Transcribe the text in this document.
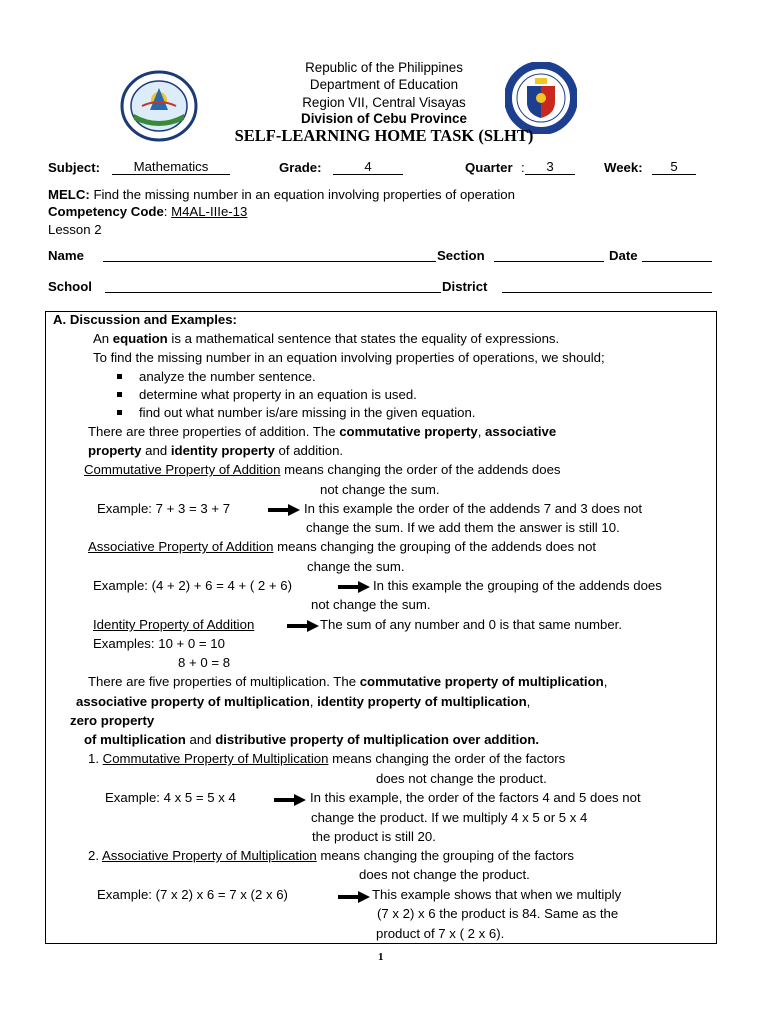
Republic of the Philippines
Department of Education
Region VII, Central Visayas
Division of Cebu Province
SELF-LEARNING HOME TASK (SLHT)
Subject:	Mathematics	Grade:	4	Quarter :	3	Week:	5
MELC: Find the missing number in an equation involving properties of operation
Competency Code: M4AL-IIIe-13
Lesson 2
Name	Section	Date
School	District
A. Discussion and Examples:
An equation is a mathematical sentence that states the equality of expressions.
To find the missing number in an equation involving properties of operations, we should;
analyze the number sentence.
determine what property in an equation is used.
find out what number is/are missing in the given equation.
There are three properties of addition. The commutative property, associative
property and identity property of addition.
Commutative Property of Addition means changing the order of the addends does
not change the sum.
Example: 7 + 3 = 3 + 7	In this example the order of the addends 7 and 3 does not
change the sum. If we add them the answer is still 10.
Associative Property of Addition means changing the grouping of the addends does not
change the sum.
Example: (4 + 2) + 6 = 4 + ( 2 + 6)	In this example the grouping of the addends does
not change the sum.
Identity Property of Addition	The sum of any number and 0 is that same number.
Examples: 10 + 0 = 10
8 + 0 = 8
There are five properties of multiplication. The commutative property of multiplication,
associative property of multiplication, identity property of multiplication,
zero property
of multiplication and distributive property of multiplication over addition.
1. Commutative Property of Multiplication means changing the order of the factors
does not change the product.
Example: 4 x 5 = 5 x 4	In this example, the order of the factors 4 and 5 does not
change the product. If we multiply 4 x 5 or 5 x 4
the product is still 20.
2. Associative Property of Multiplication means changing the grouping of the factors
does not change the product.
Example: (7 x 2) x 6 = 7 x (2 x 6)	This example shows that when we multiply
(7 x 2) x 6 the product is 84. Same as the
product of 7 x ( 2 x 6).
1
